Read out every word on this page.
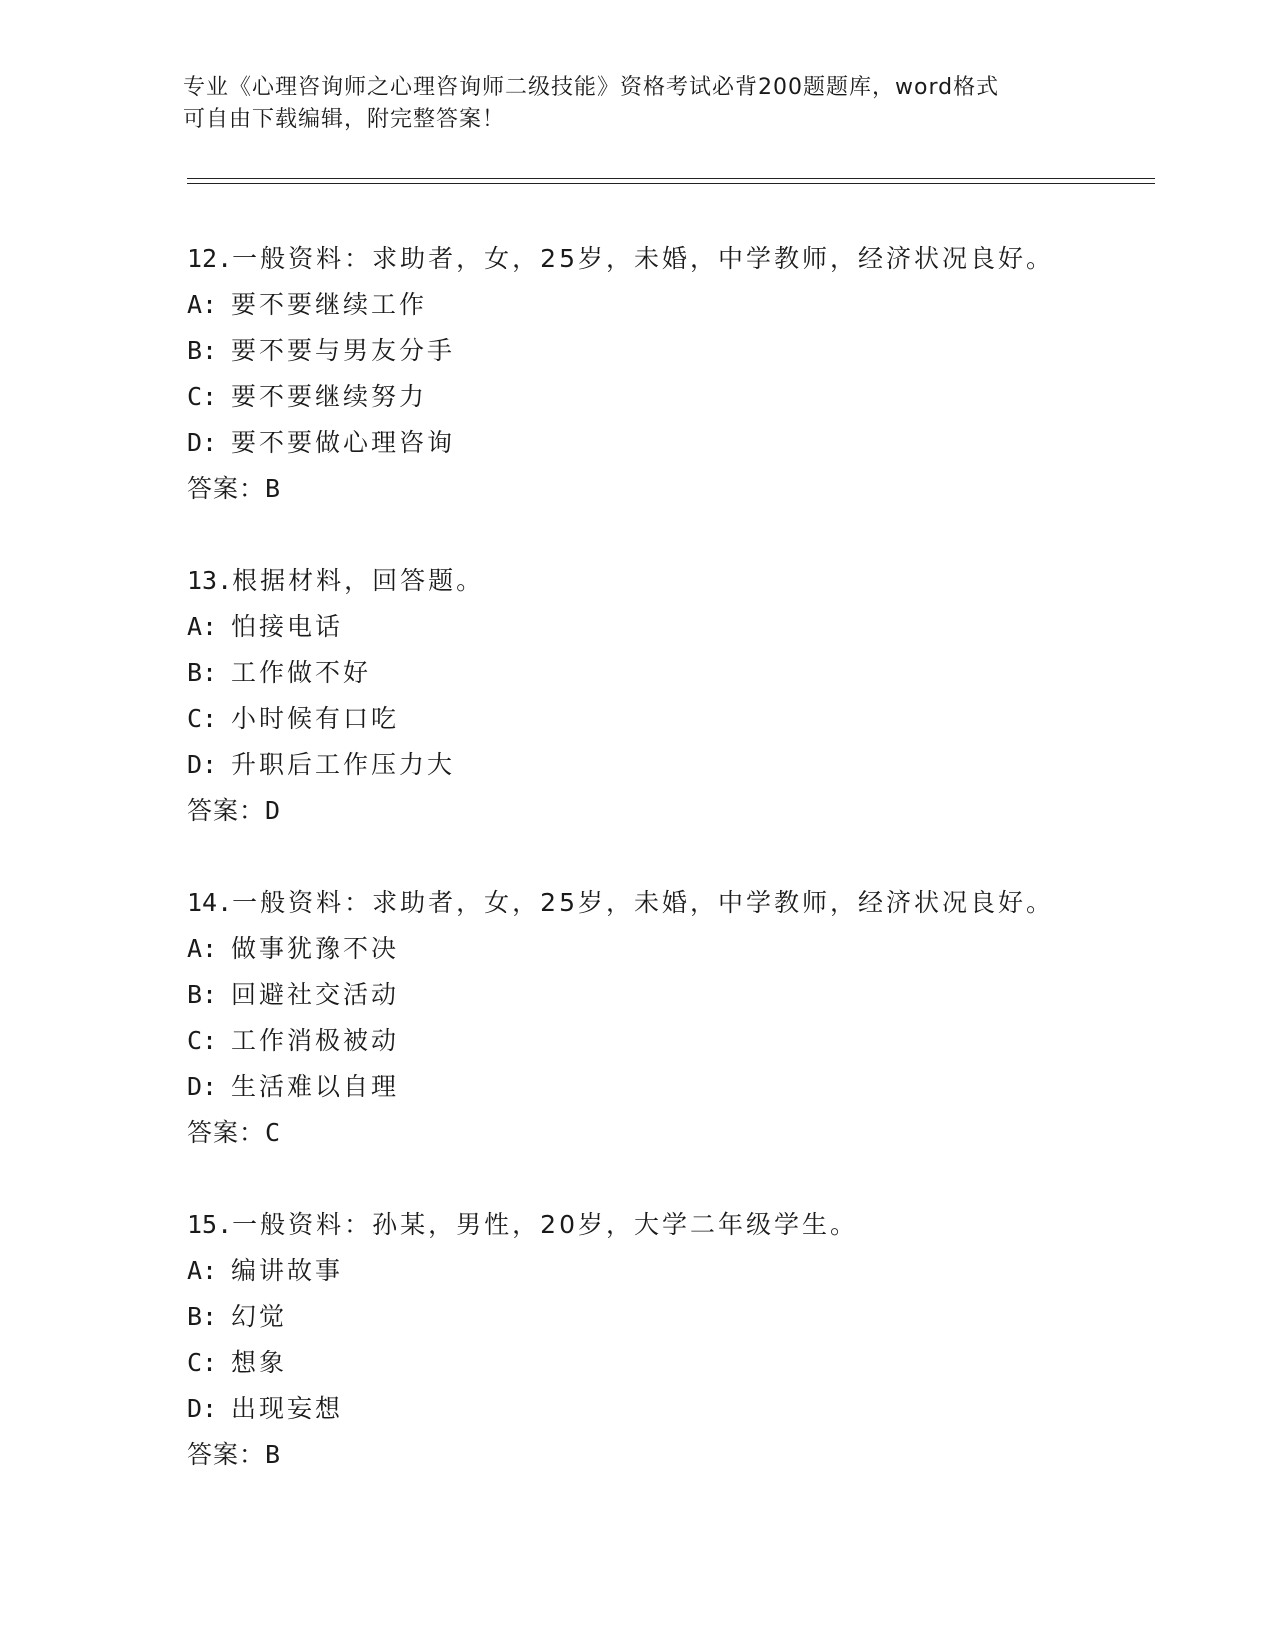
专业《心理咨询师之心理咨询师二级技能》资格考试必背200题题库，word格式
可自由下载编辑，附完整答案！
12.一般资料：求助者，女，25岁，未婚，中学教师，经济状况良好。
A: 要不要继续工作
B: 要不要与男友分手
C: 要不要继续努力
D: 要不要做心理咨询
答案：B
13.根据材料，回答题。
A: 怕接电话
B: 工作做不好
C: 小时候有口吃
D: 升职后工作压力大
答案：D
14.一般资料：求助者，女，25岁，未婚，中学教师，经济状况良好。
A: 做事犹豫不决
B: 回避社交活动
C: 工作消极被动
D: 生活难以自理
答案：C
15.一般资料：孙某，男性，20岁，大学二年级学生。
A: 编讲故事
B: 幻觉
C: 想象
D: 出现妄想
答案：B
